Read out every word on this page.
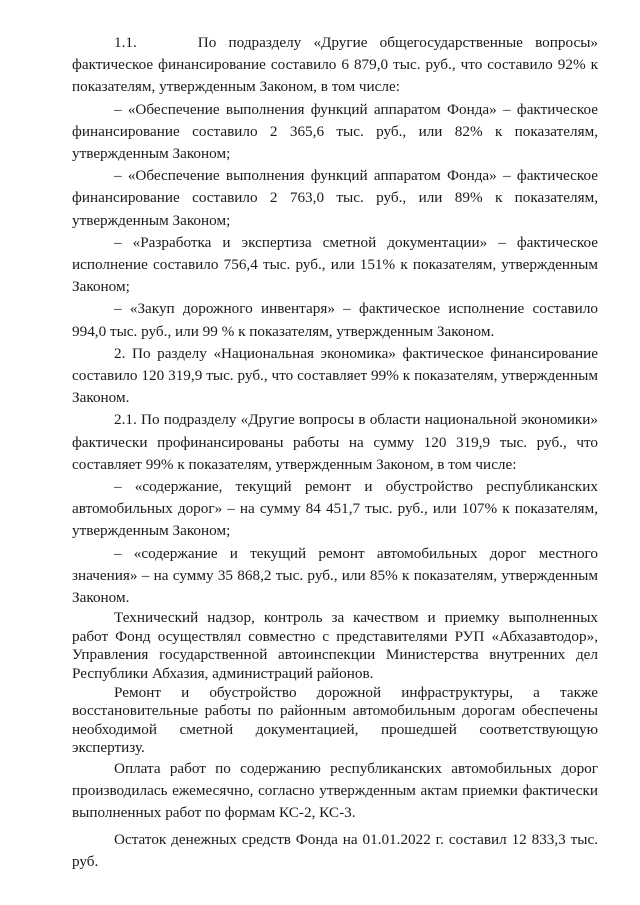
1.1.     По подразделу «Другие общегосударственные вопросы» фактическое финансирование составило 6 879,0 тыс. руб., что составило 92% к показателям, утвержденным Законом, в том числе:

– «Обеспечение выполнения функций аппаратом Фонда» – фактическое финансирование составило 2 365,6 тыс. руб., или 82% к показателям, утвержденным Законом;

– «Обеспечение выполнения функций аппаратом Фонда» – фактическое финансирование составило 2 763,0 тыс. руб., или 89% к показателям, утвержденным Законом;

– «Разработка и экспертиза сметной документации» – фактическое исполнение составило 756,4 тыс. руб., или 151% к показателям, утвержденным Законом;

– «Закуп дорожного инвентаря» – фактическое исполнение составило 994,0 тыс. руб., или 99 % к показателям, утвержденным Законом.

2. По разделу «Национальная экономика» фактическое финансирование составило 120 319,9 тыс. руб., что составляет 99% к показателям, утвержденным Законом.

2.1. По подразделу «Другие вопросы в области национальной экономики» фактически профинансированы работы на сумму 120 319,9 тыс. руб., что составляет 99% к показателям, утвержденным Законом, в том числе:

– «содержание, текущий ремонт и обустройство республиканских автомобильных дорог» – на сумму 84 451,7 тыс. руб., или 107% к показателям, утвержденным Законом;

– «содержание и текущий ремонт автомобильных дорог местного значения» – на сумму 35 868,2 тыс. руб., или 85% к показателям, утвержденным Законом.

Технический надзор, контроль за качеством и приемку выполненных работ Фонд осуществлял совместно с представителями РУП «Абхазавтодор», Управления государственной автоинспекции Министерства внутренних дел Республики Абхазия, администраций районов.

Ремонт и обустройство дорожной инфраструктуры, а также восстановительные работы по районным автомобильным дорогам обеспечены необходимой сметной документацией, прошедшей соответствующую экспертизу.

Оплата работ по содержанию республиканских автомобильных дорог производилась ежемесячно, согласно утвержденным актам приемки фактически выполненных работ по формам КС-2, КС-3.

Остаток денежных средств Фонда на 01.01.2022 г. составил 12 833,3 тыс. руб.
